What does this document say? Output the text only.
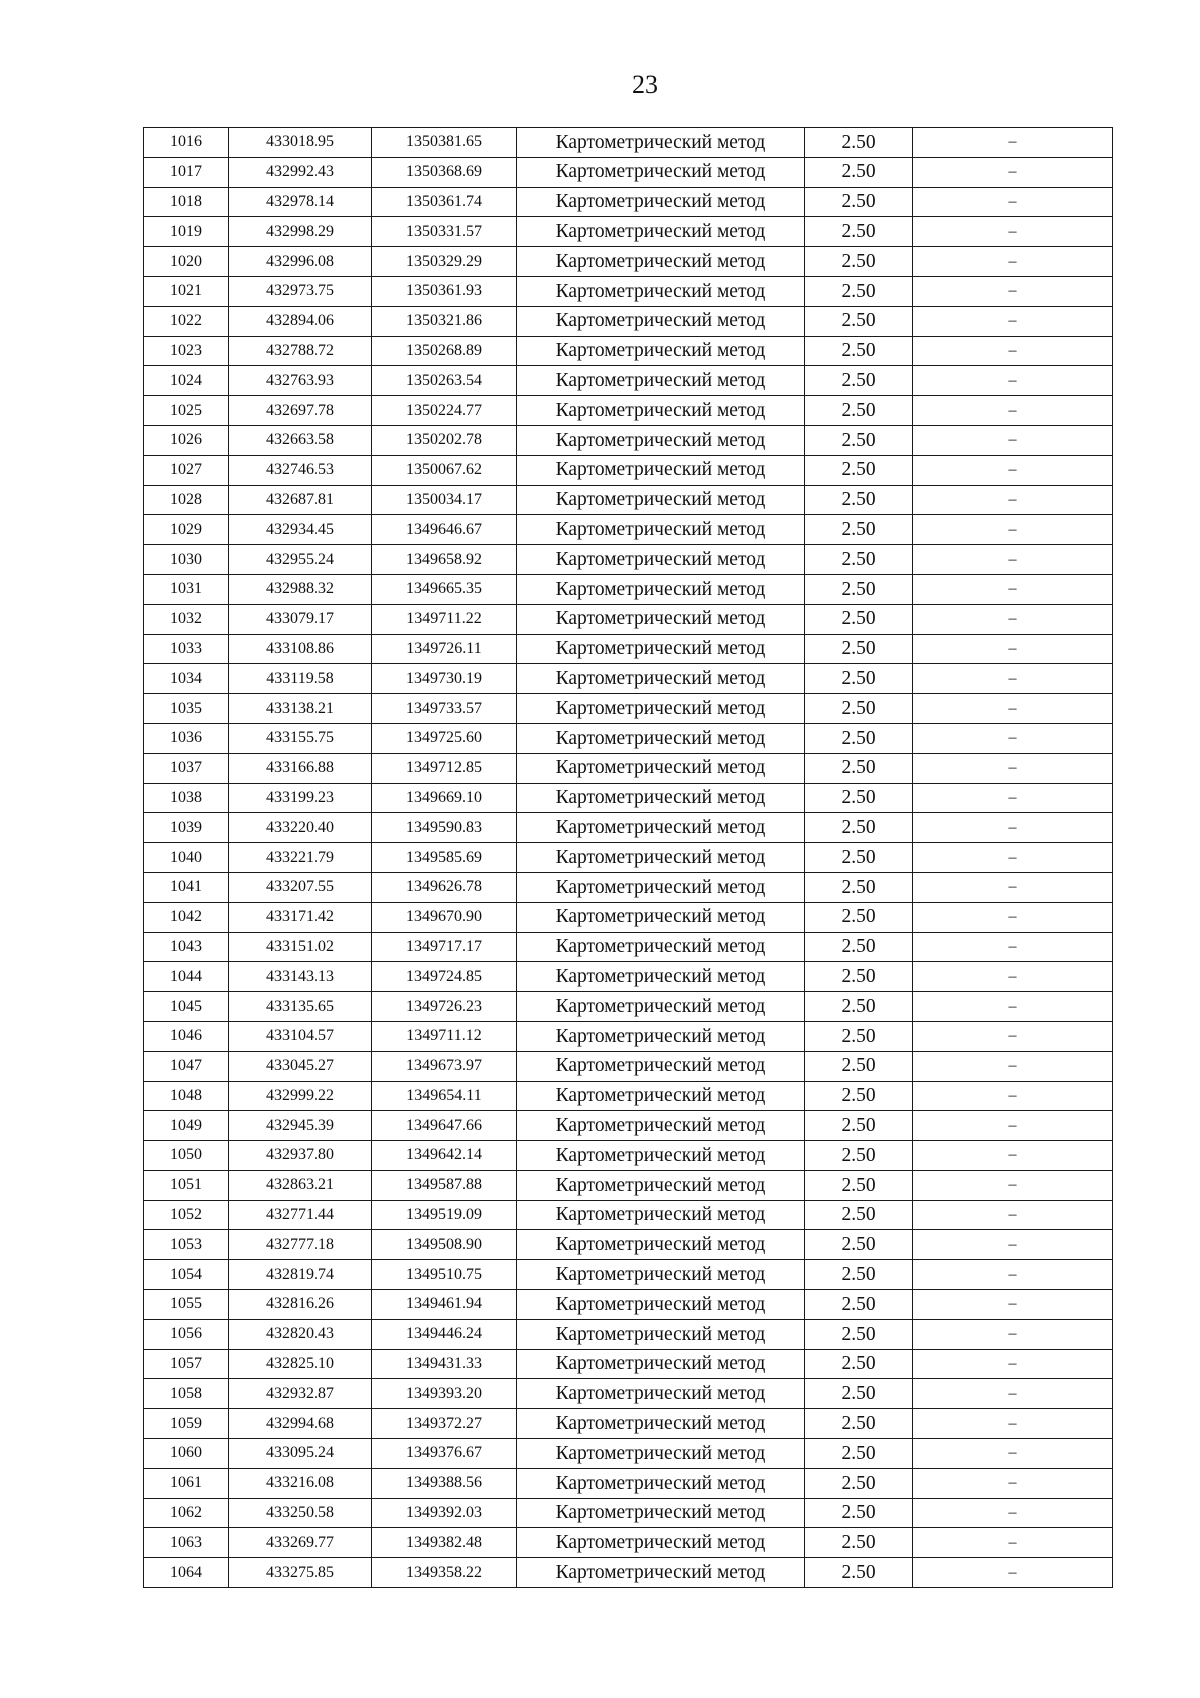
23
1016	433018.95	1350381.65	Картометрический метод	2.50	–
1017	432992.43	1350368.69	Картометрический метод	2.50	–
1018	432978.14	1350361.74	Картометрический метод	2.50	–
1019	432998.29	1350331.57	Картометрический метод	2.50	–
1020	432996.08	1350329.29	Картометрический метод	2.50	–
1021	432973.75	1350361.93	Картометрический метод	2.50	–
1022	432894.06	1350321.86	Картометрический метод	2.50	–
1023	432788.72	1350268.89	Картометрический метод	2.50	–
1024	432763.93	1350263.54	Картометрический метод	2.50	–
1025	432697.78	1350224.77	Картометрический метод	2.50	–
1026	432663.58	1350202.78	Картометрический метод	2.50	–
1027	432746.53	1350067.62	Картометрический метод	2.50	–
1028	432687.81	1350034.17	Картометрический метод	2.50	–
1029	432934.45	1349646.67	Картометрический метод	2.50	–
1030	432955.24	1349658.92	Картометрический метод	2.50	–
1031	432988.32	1349665.35	Картометрический метод	2.50	–
1032	433079.17	1349711.22	Картометрический метод	2.50	–
1033	433108.86	1349726.11	Картометрический метод	2.50	–
1034	433119.58	1349730.19	Картометрический метод	2.50	–
1035	433138.21	1349733.57	Картометрический метод	2.50	–
1036	433155.75	1349725.60	Картометрический метод	2.50	–
1037	433166.88	1349712.85	Картометрический метод	2.50	–
1038	433199.23	1349669.10	Картометрический метод	2.50	–
1039	433220.40	1349590.83	Картометрический метод	2.50	–
1040	433221.79	1349585.69	Картометрический метод	2.50	–
1041	433207.55	1349626.78	Картометрический метод	2.50	–
1042	433171.42	1349670.90	Картометрический метод	2.50	–
1043	433151.02	1349717.17	Картометрический метод	2.50	–
1044	433143.13	1349724.85	Картометрический метод	2.50	–
1045	433135.65	1349726.23	Картометрический метод	2.50	–
1046	433104.57	1349711.12	Картометрический метод	2.50	–
1047	433045.27	1349673.97	Картометрический метод	2.50	–
1048	432999.22	1349654.11	Картометрический метод	2.50	–
1049	432945.39	1349647.66	Картометрический метод	2.50	–
1050	432937.80	1349642.14	Картометрический метод	2.50	–
1051	432863.21	1349587.88	Картометрический метод	2.50	–
1052	432771.44	1349519.09	Картометрический метод	2.50	–
1053	432777.18	1349508.90	Картометрический метод	2.50	–
1054	432819.74	1349510.75	Картометрический метод	2.50	–
1055	432816.26	1349461.94	Картометрический метод	2.50	–
1056	432820.43	1349446.24	Картометрический метод	2.50	–
1057	432825.10	1349431.33	Картометрический метод	2.50	–
1058	432932.87	1349393.20	Картометрический метод	2.50	–
1059	432994.68	1349372.27	Картометрический метод	2.50	–
1060	433095.24	1349376.67	Картометрический метод	2.50	–
1061	433216.08	1349388.56	Картометрический метод	2.50	–
1062	433250.58	1349392.03	Картометрический метод	2.50	–
1063	433269.77	1349382.48	Картометрический метод	2.50	–
1064	433275.85	1349358.22	Картометрический метод	2.50	–
